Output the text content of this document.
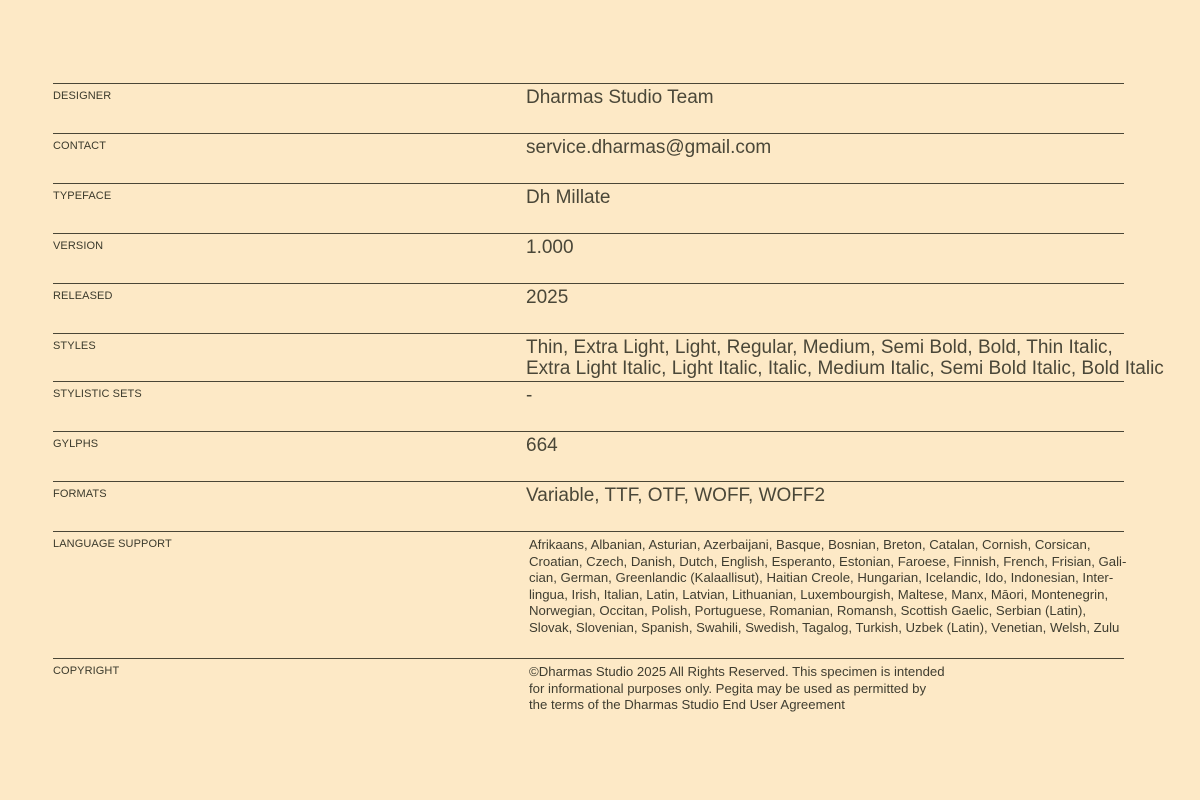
DESIGNER	Dharmas Studio Team
CONTACT	service.dharmas@gmail.com
TYPEFACE	Dh Millate
VERSION	1.000
RELEASED	2025
STYLES	Thin, Extra Light, Light, Regular, Medium, Semi Bold, Bold, Thin Italic,
Extra Light Italic, Light Italic, Italic, Medium Italic, Semi Bold Italic, Bold Italic
STYLISTIC SETS	-
GYLPHS	664
FORMATS	Variable, TTF, OTF, WOFF, WOFF2
LANGUAGE SUPPORT	Afrikaans, Albanian, Asturian, Azerbaijani, Basque, Bosnian, Breton, Catalan, Cornish, Corsican,
Croatian, Czech, Danish, Dutch, English, Esperanto, Estonian, Faroese, Finnish, French, Frisian, Gali-
cian, German, Greenlandic (Kalaallisut), Haitian Creole, Hungarian, Icelandic, Ido, Indonesian, Inter-
lingua, Irish, Italian, Latin, Latvian, Lithuanian, Luxembourgish, Maltese, Manx, Māori, Montenegrin,
Norwegian, Occitan, Polish, Portuguese, Romanian, Romansh, Scottish Gaelic, Serbian (Latin),
Slovak, Slovenian, Spanish, Swahili, Swedish, Tagalog, Turkish, Uzbek (Latin), Venetian, Welsh, Zulu
COPYRIGHT	©Dharmas Studio 2025 All Rights Reserved. This specimen is intended
for informational purposes only. Pegita may be used as permitted by
the terms of the Dharmas Studio End User Agreement
